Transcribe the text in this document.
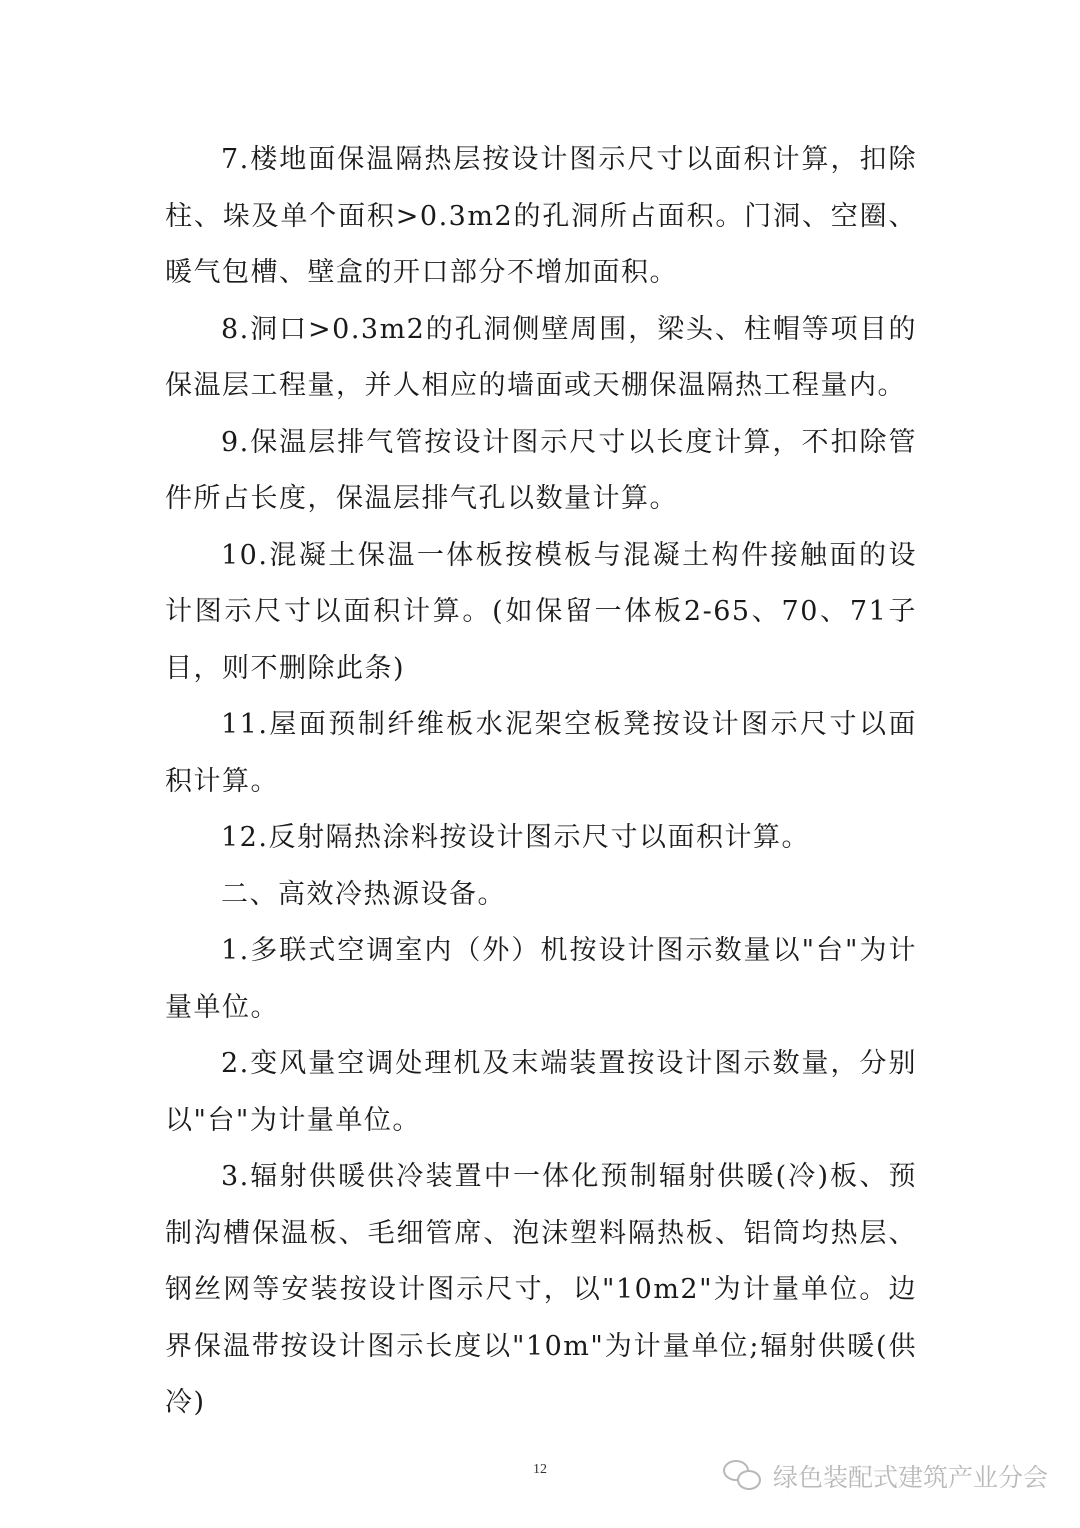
7.楼地面保温隔热层按设计图示尺寸以面积计算，扣除柱、垛及单个面积>0.3m2的孔洞所占面积。门洞、空圈、暖气包槽、壁盒的开口部分不增加面积。

8.洞口>0.3m2的孔洞侧壁周围，梁头、柱帽等项目的保温层工程量，并人相应的墙面或天棚保温隔热工程量内。

9.保温层排气管按设计图示尺寸以长度计算，不扣除管件所占长度，保温层排气孔以数量计算。

10.混凝土保温一体板按模板与混凝土构件接触面的设计图示尺寸以面积计算。(如保留一体板2-65、70、71子目，则不删除此条)

11.屋面预制纤维板水泥架空板凳按设计图示尺寸以面积计算。

12.反射隔热涂料按设计图示尺寸以面积计算。

二、高效冷热源设备。

1.多联式空调室内（外）机按设计图示数量以"台"为计量单位。

2.变风量空调处理机及末端装置按设计图示数量，分别以"台"为计量单位。

3.辐射供暖供冷装置中一体化预制辐射供暖(冷)板、预制沟槽保温板、毛细管席、泡沫塑料隔热板、铝筒均热层、钢丝网等安装按设计图示尺寸，以"10m2"为计量单位。边界保温带按设计图示长度以"10m"为计量单位;辐射供暖(供冷)

12	绿色装配式建筑产业分会
